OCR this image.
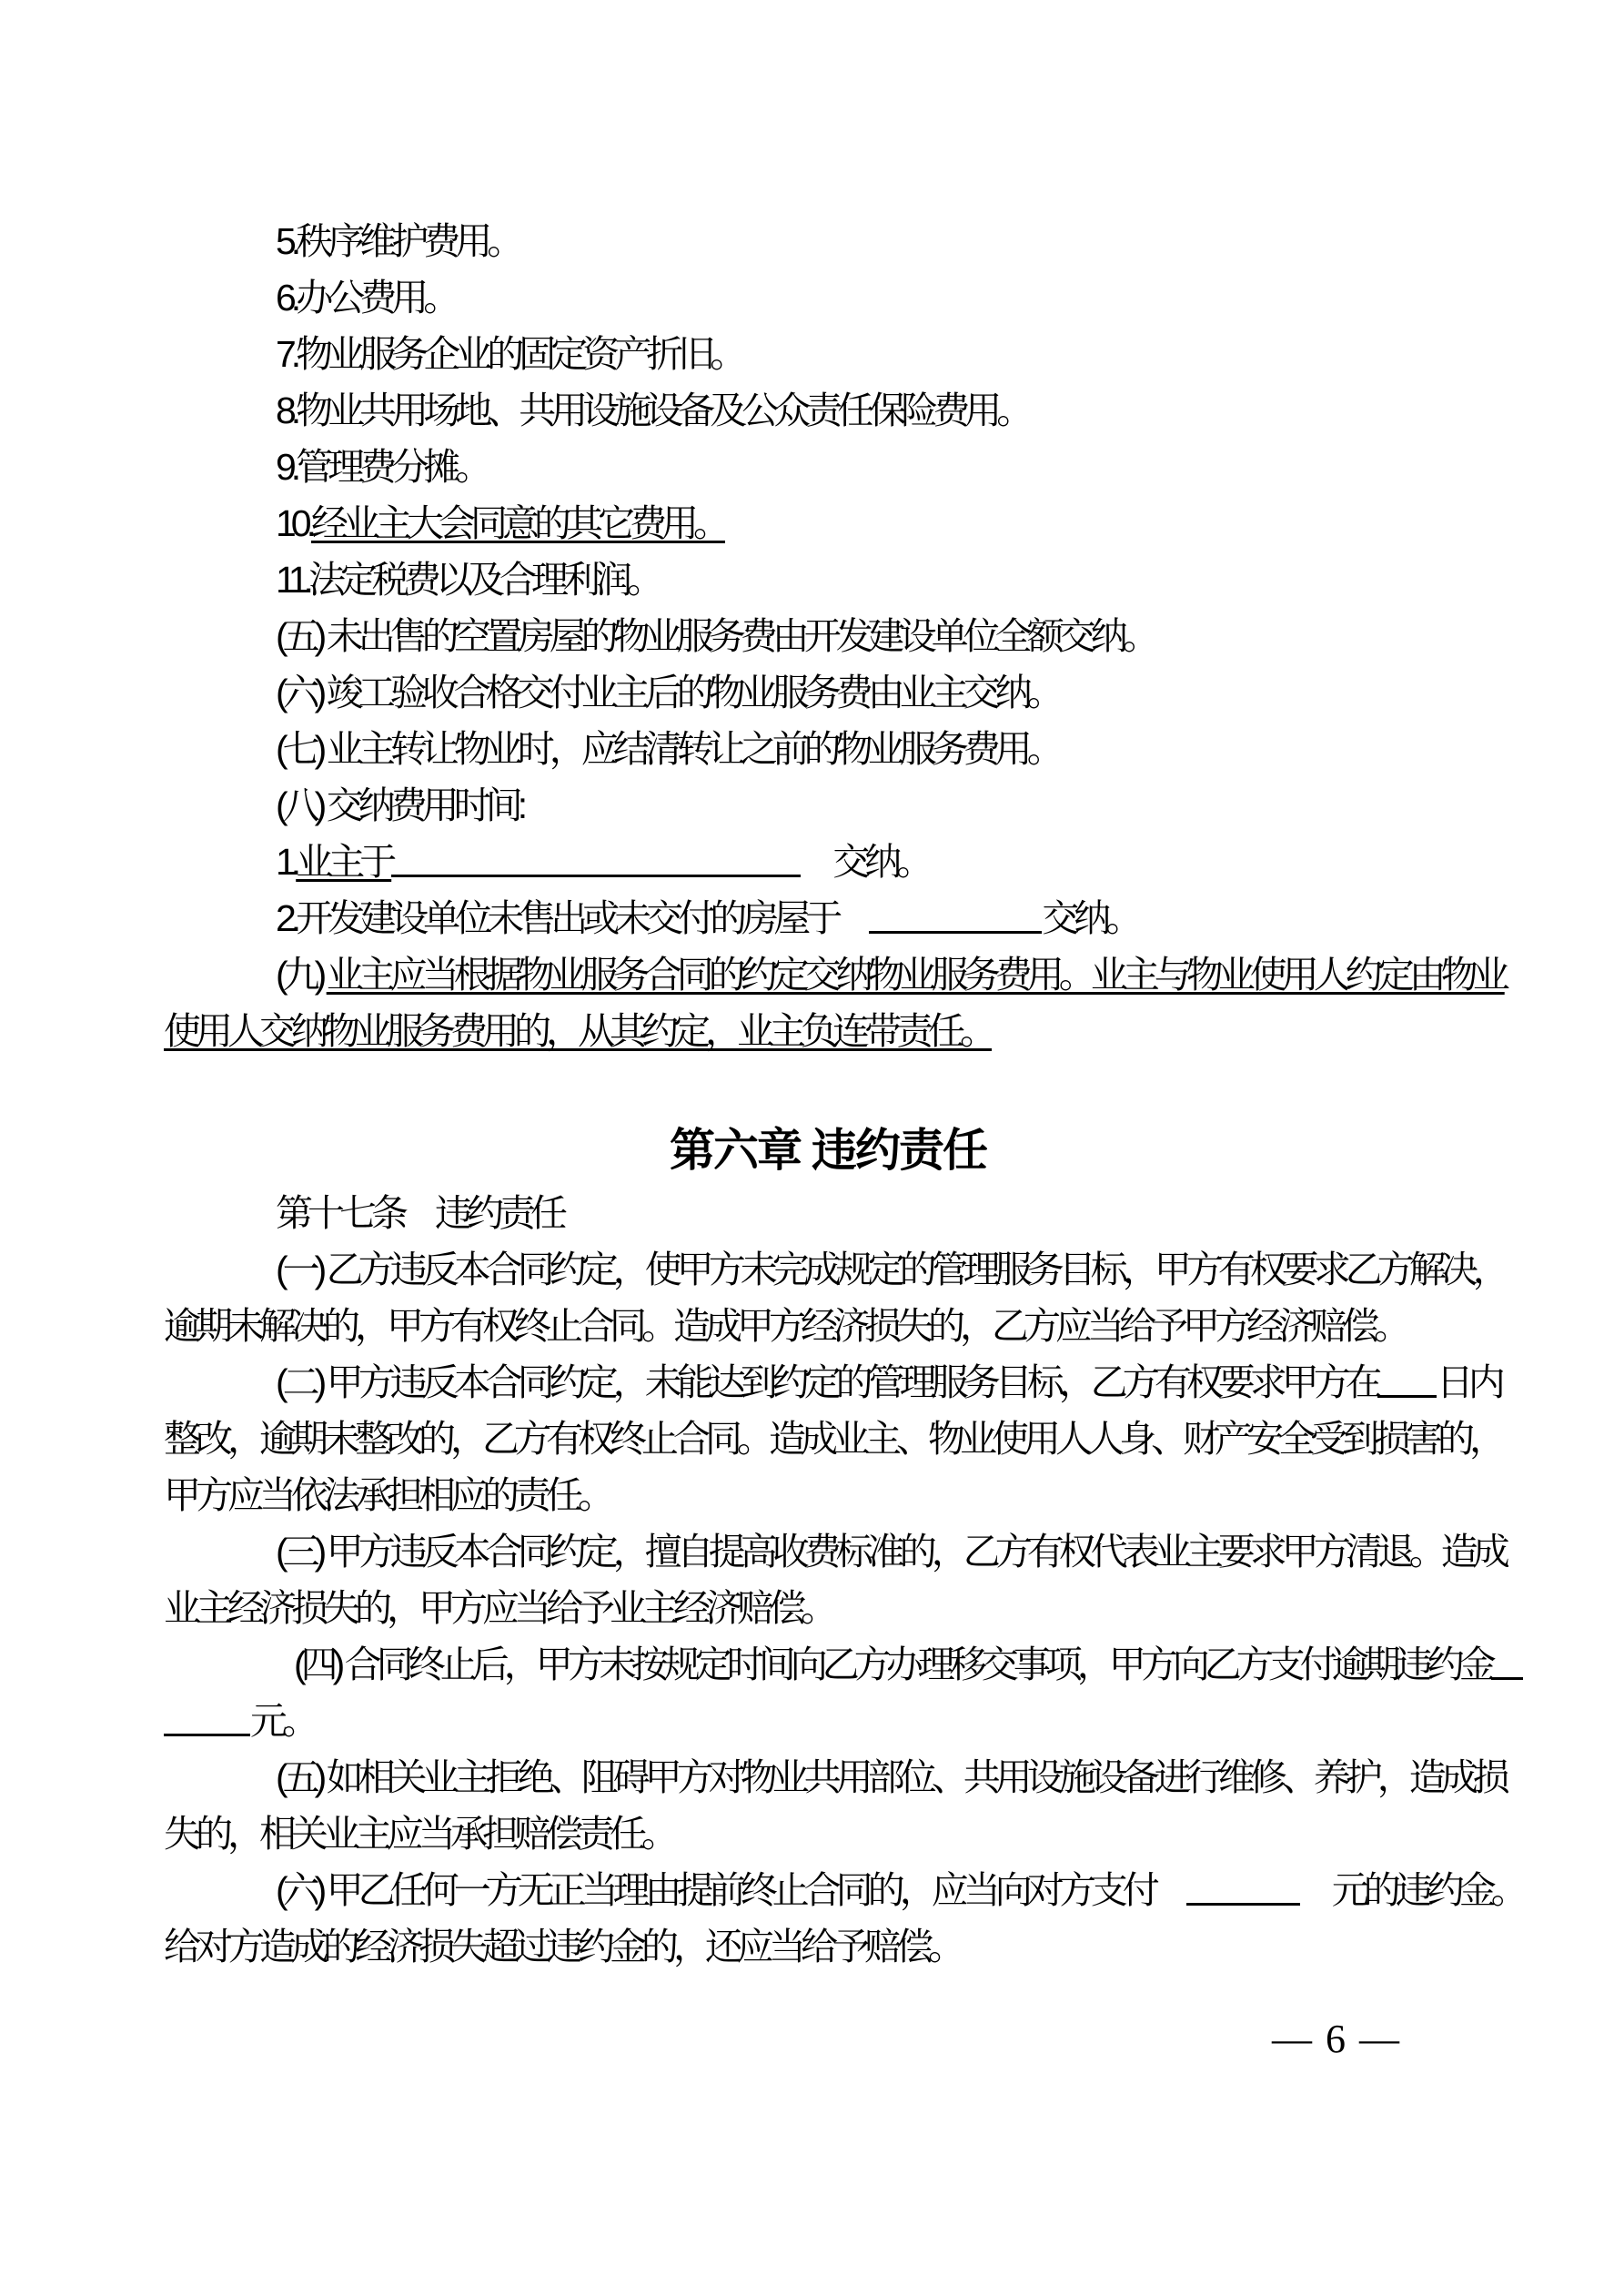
5.秩序维护费用。
6.办公费用。
7.物业服务企业的固定资产折旧。
8.物业共用场地、共用设施设备及公众责任保险费用。
9.管理费分摊。
10.经业主大会同意的其它费用。
11.法定税费以及合理利润。
(五) 未出售的空置房屋的物业服务费由开发建设单位全额交纳。
(六) 竣工验收合格交付业主后的物业服务费由业主交纳。
(七) 业主转让物业时，应结清转让之前的物业服务费用。
(八) 交纳费用时间:
1.业主于	　交纳。
2.开发建设单位未售出或未交付的房屋于　	交纳。
(九) 业主应当根据物业服务合同的约定交纳物业服务费用。业主与物业使用人约定由物业
使用人交纳物业服务费用的，从其约定，业主负连带责任。
第六章 违约责任
第十七条　违约责任
(一) 乙方违反本合同约定，使甲方未完成规定的管理服务目标，甲方有权要求乙方解决，
逾期未解决的，甲方有权终止合同。造成甲方经济损失的，乙方应当给予甲方经济赔偿。
(二) 甲方违反本合同约定，未能达到约定的管理服务目标，乙方有权要求甲方在 日内
整改，逾期未整改的，乙方有权终止合同。造成业主、物业使用人人身、财产安全受到损害的，
甲方应当依法承担相应的责任。
(三) 甲方违反本合同约定，擅自提高收费标准的，乙方有权代表业主要求甲方清退。造成
业主经济损失的，甲方应当给予业主经济赔偿。
(四) 合同终止后，甲方未按规定时间向乙方办理移交事项，甲方向乙方支付逾期违约金
元。
(五) 如相关业主拒绝、阻碍甲方对物业共用部位、共用设施设备进行维修、养护，造成损
失的，相关业主应当承担赔偿责任。
(六) 甲乙任何一方无正当理由提前终止合同的，应当向对方支付　	　元的违约金。
给对方造成的经济损失超过违约金的，还应当给予赔偿。
— 6 —
